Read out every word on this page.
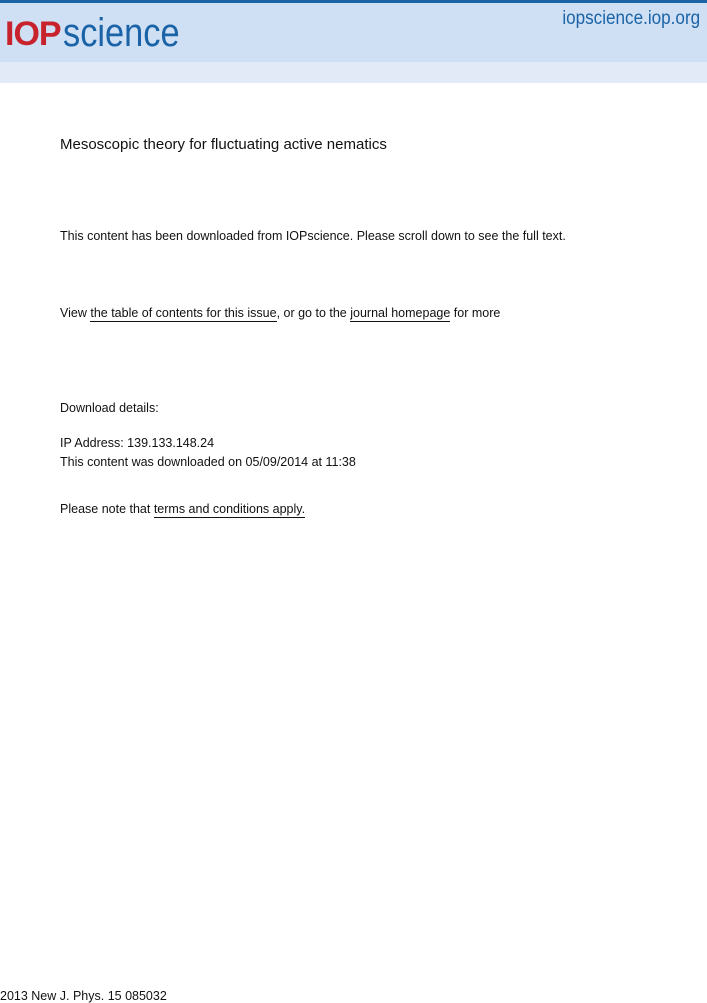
IOP science	iopscience.iop.org
Mesoscopic theory for fluctuating active nematics
This content has been downloaded from IOPscience. Please scroll down to see the full text.
View the table of contents for this issue, or go to the journal homepage for more
Download details:
IP Address: 139.133.148.24
This content was downloaded on 05/09/2014 at 11:38
Please note that terms and conditions apply.
2013 New J. Phys. 15 085032
